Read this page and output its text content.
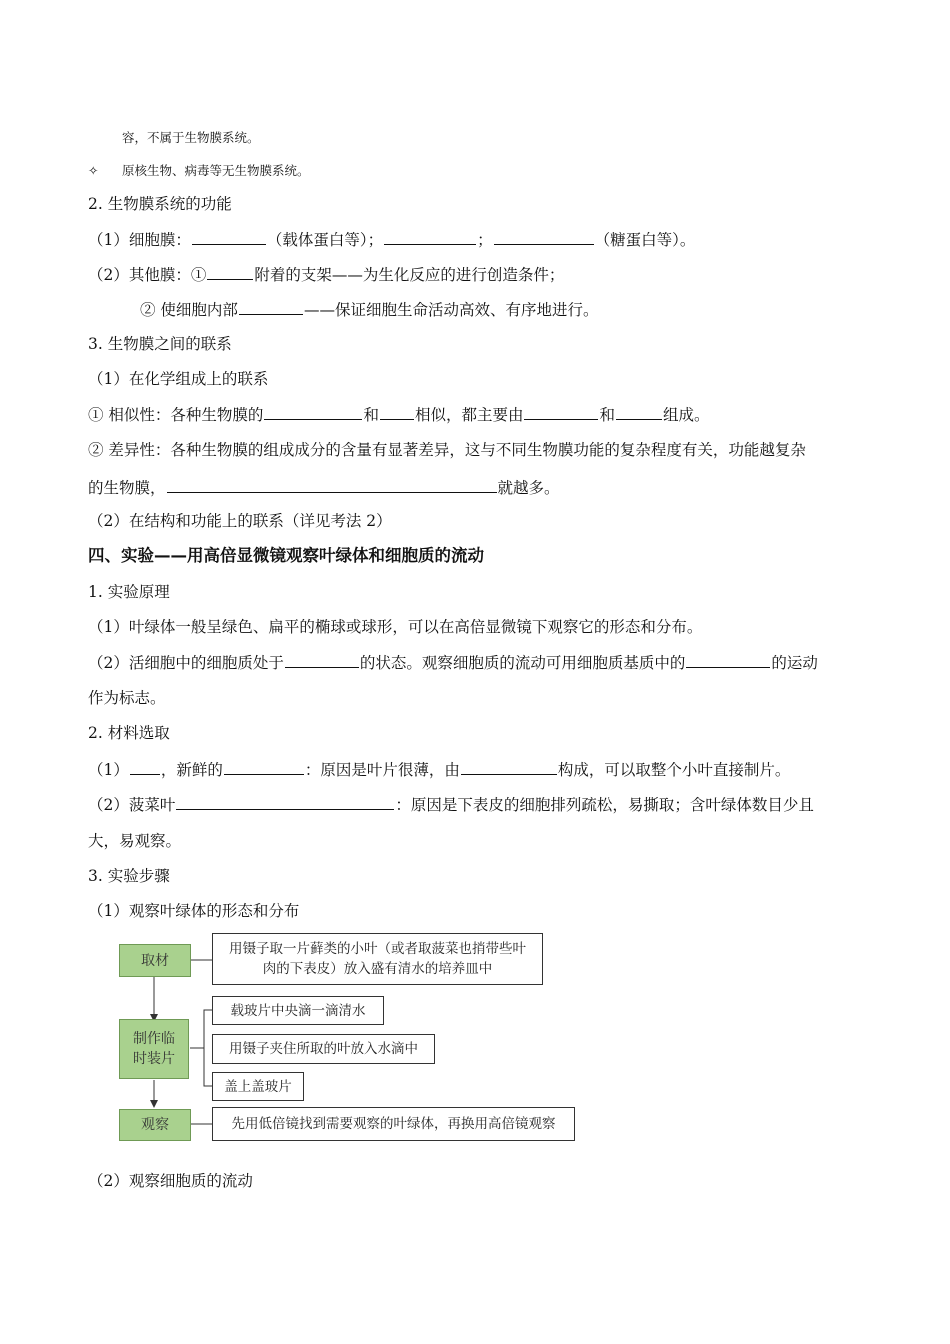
容，不属于生物膜系统。
✧ 原核生物、病毒等无生物膜系统。
2. 生物膜系统的功能
（1）细胞膜：	（载体蛋白等）；	；	（糖蛋白等）。
（2）其他膜：①	附着的支架——为生化反应的进行创造条件；
② 使细胞内部	——保证细胞生命活动高效、有序地进行。
3. 生物膜之间的联系
（1）在化学组成上的联系
① 相似性：各种生物膜的	和 相似，都主要由	和	组成。
② 差异性：各种生物膜的组成成分的含量有显著差异，这与不同生物膜功能的复杂程度有关，功能越复杂
的生物膜，	就越多。
（2）在结构和功能上的联系（详见考法 2）
四、实验——用高倍显微镜观察叶绿体和细胞质的流动
1. 实验原理
（1）叶绿体一般呈绿色、扁平的椭球或球形，可以在高倍显微镜下观察它的形态和分布。
（2）活细胞中的细胞质处于	的状态。观察细胞质的流动可用细胞质基质中的	的运动
作为标志。
2. 材料选取
（1） ，新鲜的	：原因是叶片很薄，由	构成，可以取整个小叶直接制片。
（2）菠菜叶	：原因是下表皮的细胞排列疏松，易撕取；含叶绿体数目少且
大，易观察。
3. 实验步骤
（1）观察叶绿体的形态和分布
取材
制作临时装片
观察
用镊子取一片藓类的小叶（或者取菠菜也捎带些叶肉的下表皮）放入盛有清水的培养皿中
载玻片中央滴一滴清水
用镊子夹住所取的叶放入水滴中
盖上盖玻片
先用低倍镜找到需要观察的叶绿体，再换用高倍镜观察
（2）观察细胞质的流动
